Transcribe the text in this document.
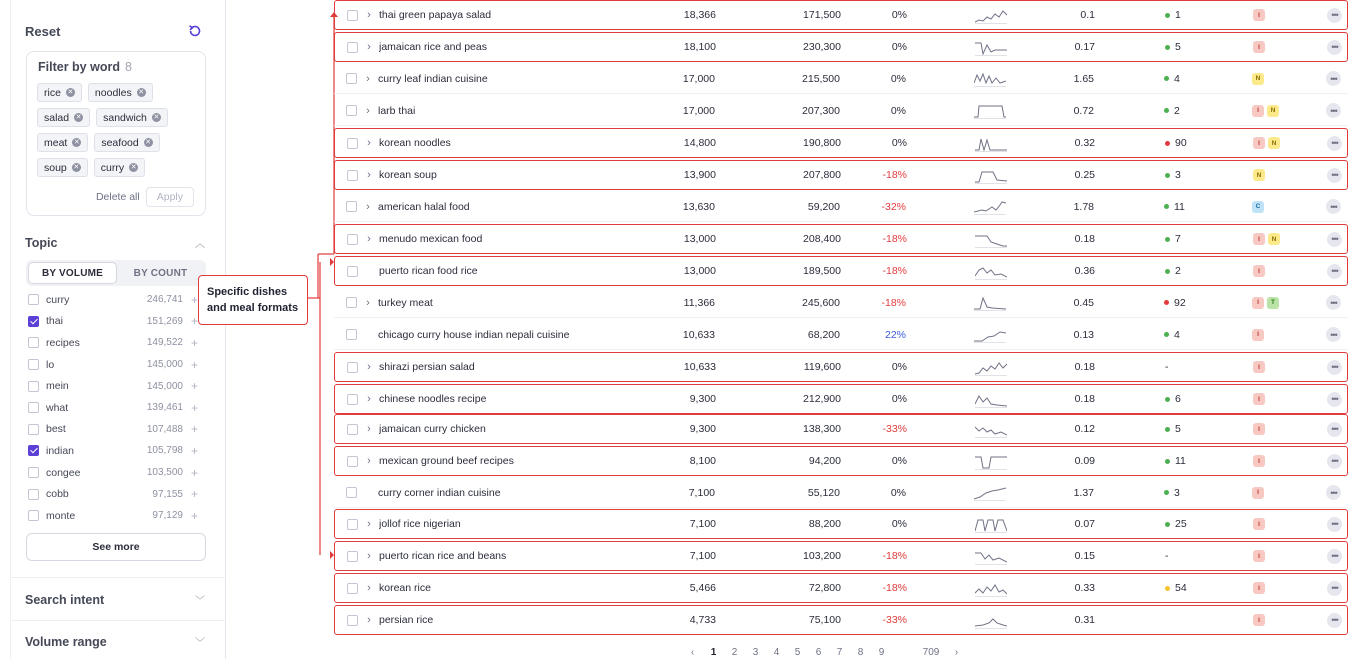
Reset
Filter by word 8
rice ✕ noodles ✕
salad ✕ sandwich ✕
meat ✕ seafood ✕
soup ✕ curry ✕
Delete all	Apply
Topic	︿
BY VOLUME	BY COUNT
curry	246,741 +
thai	151,269 +
recipes	149,522 +
lo	145,000 +
mein	145,000 +
what	139,461 +
best	107,488 +
indian	105,798 +
congee	103,500 +
cobb	97,155 +
monte	97,129 +
See more
Search intent	﹀
Volume range	﹀
Specific dishes
and meal formats
› thai green papaya salad	18,366	171,500	0%	0.1	1	I	•••
› jamaican rice and peas	18,100	230,300	0%	0.17	5	I	•••
› curry leaf indian cuisine	17,000	215,500	0%	1.65	4	N	•••
› larb thai	17,000	207,300	0%	0.72	2	I	N	•••
› korean noodles	14,800	190,800	0%	0.32	90	I	N	•••
› korean soup	13,900	207,800	-18%	0.25	3	N	•••
› american halal food	13,630	59,200	-32%	1.78	11	C	•••
› menudo mexican food	13,000	208,400	-18%	0.18	7	I	N	•••
puerto rican food rice	13,000	189,500	-18%	0.36	2	I	•••
› turkey meat	11,366	245,600	-18%	0.45	92	I	T	•••
chicago curry house indian nepali cuisine	10,633	68,200	22%	0.13	4	I	•••
› shirazi persian salad	10,633	119,600	0%	0.18	-	I	•••
› chinese noodles recipe	9,300	212,900	0%	0.18	6	I	•••
› jamaican curry chicken	9,300	138,300	-33%	0.12	5	I	•••
› mexican ground beef recipes	8,100	94,200	0%	0.09	11	I	•••
curry corner indian cuisine	7,100	55,120	0%	1.37	3	I	•••
› jollof rice nigerian	7,100	88,200	0%	0.07	25	I	•••
› puerto rican rice and beans	7,100	103,200	-18%	0.15	-	I	•••
› korean rice	5,466	72,800	-18%	0.33	54	I	•••
› persian rice	4,733	75,100	-33%	0.31	I	•••
‹	1	2	3	4	5	6	7	8	9	709	›
